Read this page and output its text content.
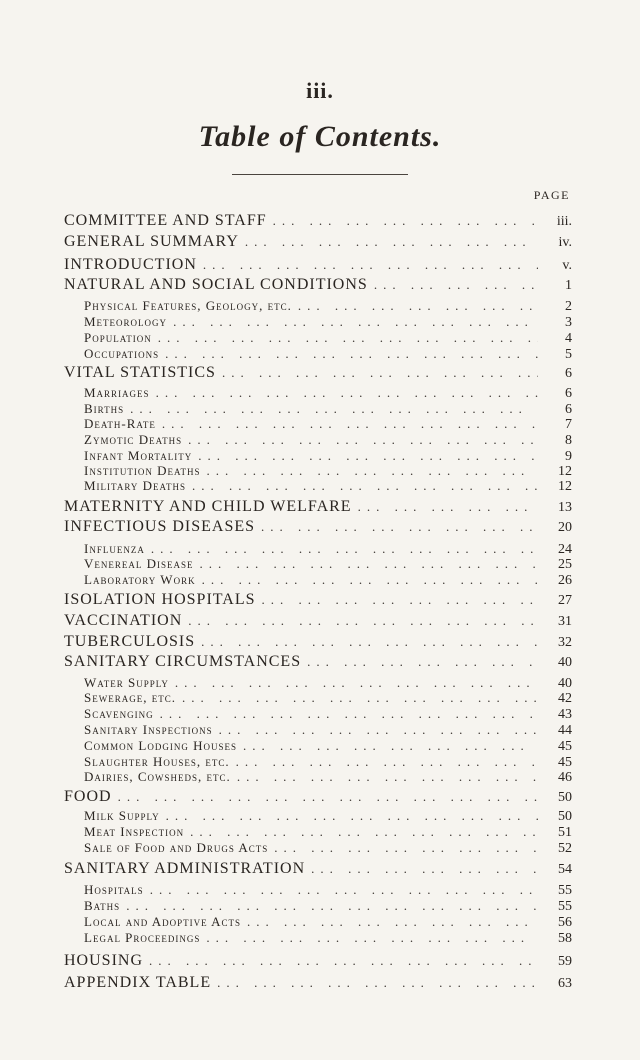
iii.
Table of Contents.
PAGE
COMMITTEE AND STAFF ... .	iii.
GENERAL SUMMARY ... .	iv.
INTRODUCTION ... .	v.
NATURAL AND SOCIAL CONDITIONS ... .	1
Physical Features, Geology, etc. ... .	2
Meteorology ... .	3
Population ... .	4
Occupations ... .	5
VITAL STATISTICS ... .	6
Marriages ... .	6
Births ... .	6
Death-Rate ... .	7
Zymotic Deaths ... .	8
Infant Mortality ... .	9
Institution Deaths ... .	12
Military Deaths ... .	12
MATERNITY AND CHILD WELFARE ... .	13
INFECTIOUS DISEASES ... .	20
Influenza ... .	24
Venereal Disease ... .	25
Laboratory Work ... .	26
ISOLATION HOSPITALS ... .	27
VACCINATION ... .	31
TUBERCULOSIS ... .	32
SANITARY CIRCUMSTANCES ... .	40
Water Supply ... .	40
Sewerage, etc. ... .	42
Scavenging ... .	43
Sanitary Inspections ... .	44
Common Lodging Houses ... .	45
Slaughter Houses, etc. ... .	45
Dairies, Cowsheds, etc. ... .	46
FOOD ... .	50
Milk Supply ... .	50
Meat Inspection ... .	51
Sale of Food and Drugs Acts ... .	52
SANITARY ADMINISTRATION ... .	54
Hospitals ... .	55
Baths ... .	55
Local and Adoptive Acts ... .	56
Legal Proceedings ... .	58
HOUSING ... .	59
APPENDIX TABLE ... .	63
